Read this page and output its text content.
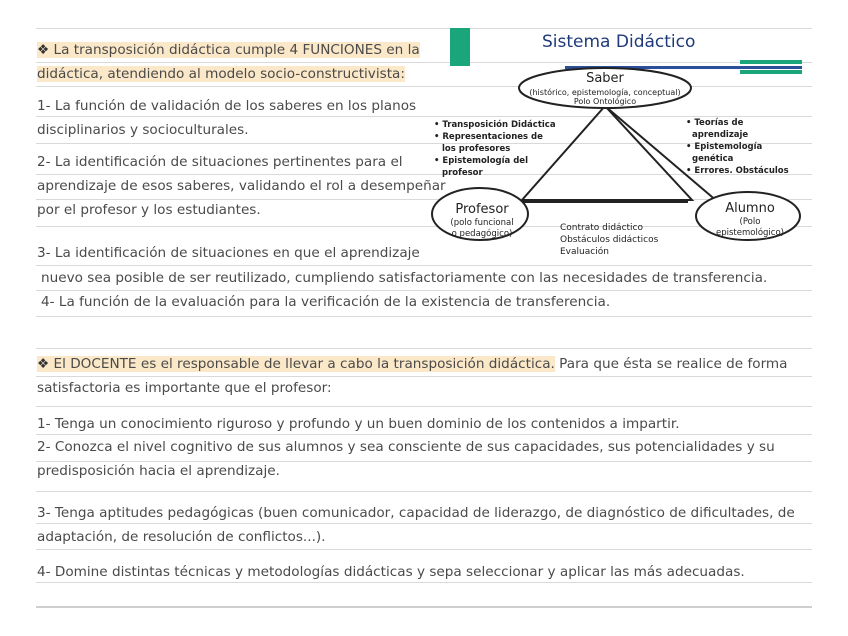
❖ La transposición didáctica cumple 4 FUNCIONES en la
didáctica, atendiendo al modelo socio-constructivista:
1- La función de validación de los saberes en los planos
disciplinarios y socioculturales.
2- La identificación de situaciones pertinentes para el
aprendizaje de esos saberes, validando el rol a desempeñar
por el profesor y los estudiantes.
3- La identificación de situaciones en que el aprendizaje
nuevo sea posible de ser reutilizado, cumpliendo satisfactoriamente con las necesidades de transferencia.
4- La función de la evaluación para la verificación de la existencia de transferencia.
Sistema Didáctico
Saber
(histórico, epistemología, conceptual)
Polo Ontológico
• Transposición Didáctica • Representaciones de los profesores • Epistemología del profesor
• Teorías de aprendizaje • Epistemología genética • Errores. Obstáculos
Profesor
(polo funcional
o pedagógico)
Alumno
(Polo
epistemológico)
Contrato didáctico Obstáculos didácticos Evaluación
❖ El DOCENTE es el responsable de llevar a cabo la transposición didáctica. Para que ésta se realice de forma
satisfactoria es importante que el profesor:
1- Tenga un conocimiento riguroso y profundo y un buen dominio de los contenidos a impartir.
2- Conozca el nivel cognitivo de sus alumnos y sea consciente de sus capacidades, sus potencialidades y su
predisposición hacia el aprendizaje.
3- Tenga aptitudes pedagógicas (buen comunicador, capacidad de liderazgo, de diagnóstico de dificultades, de
adaptación, de resolución de conflictos...).
4- Domine distintas técnicas y metodologías didácticas y sepa seleccionar y aplicar las más adecuadas.
